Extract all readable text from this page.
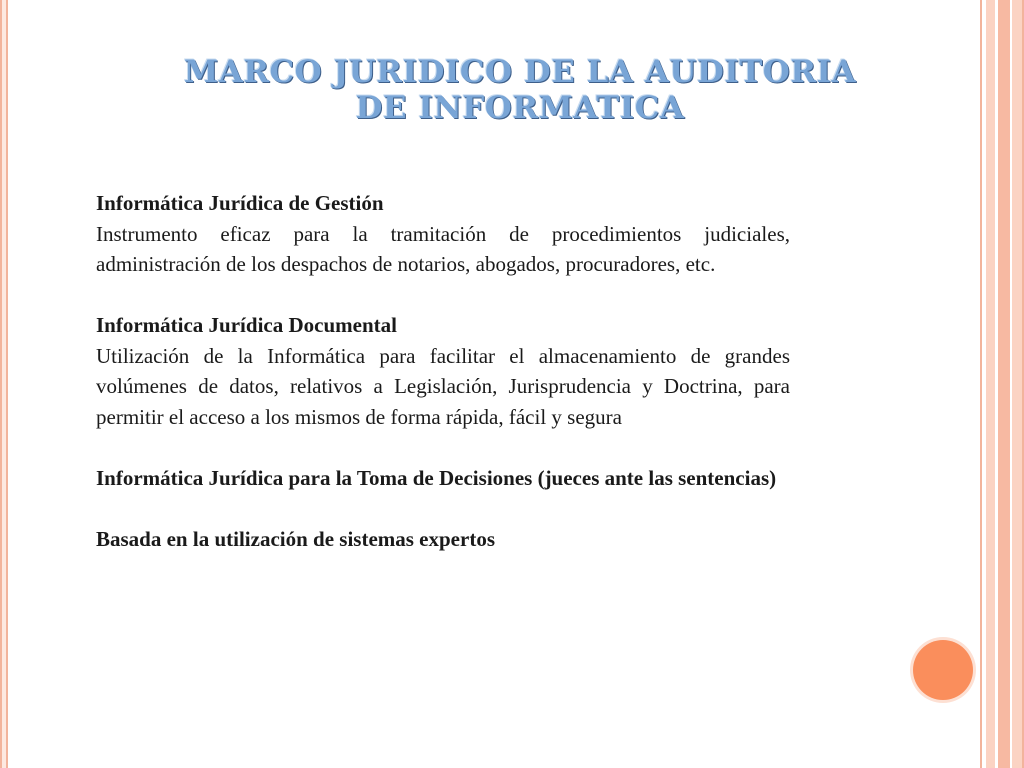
MARCO JURIDICO DE LA AUDITORIA
DE INFORMATICA
Informática Jurídica de Gestión
Instrumento eficaz para la tramitación de procedimientos judiciales, administración de los despachos de notarios, abogados, procuradores, etc.
Informática Jurídica Documental
Utilización de la Informática para facilitar el almacenamiento de grandes volúmenes de datos, relativos a Legislación, Jurisprudencia y Doctrina, para permitir el acceso a los mismos de forma rápida, fácil y segura
Informática Jurídica para la Toma de Decisiones (jueces ante las sentencias)
Basada en la utilización de sistemas expertos
